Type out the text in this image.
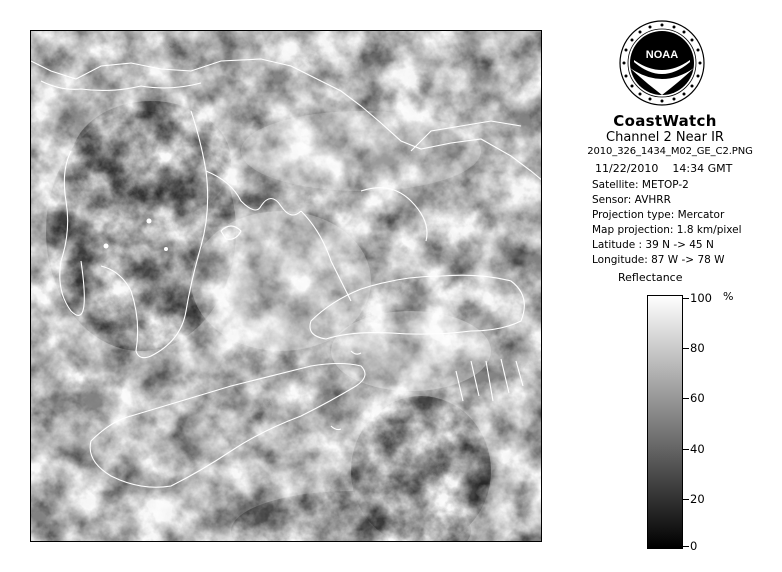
NOAA
CoastWatch
Channel 2 Near IR
2010_326_1434_M02_GE_C2.PNG
11/22/2010 14:34 GMT
Satellite: METOP-2
Sensor: AVHRR
Projection type: Mercator
Map projection: 1.8 km/pixel
Latitude : 39 N -> 45 N
Longitude: 87 W -> 78 W
Reflectance
%
100
80
60
40
20
0
